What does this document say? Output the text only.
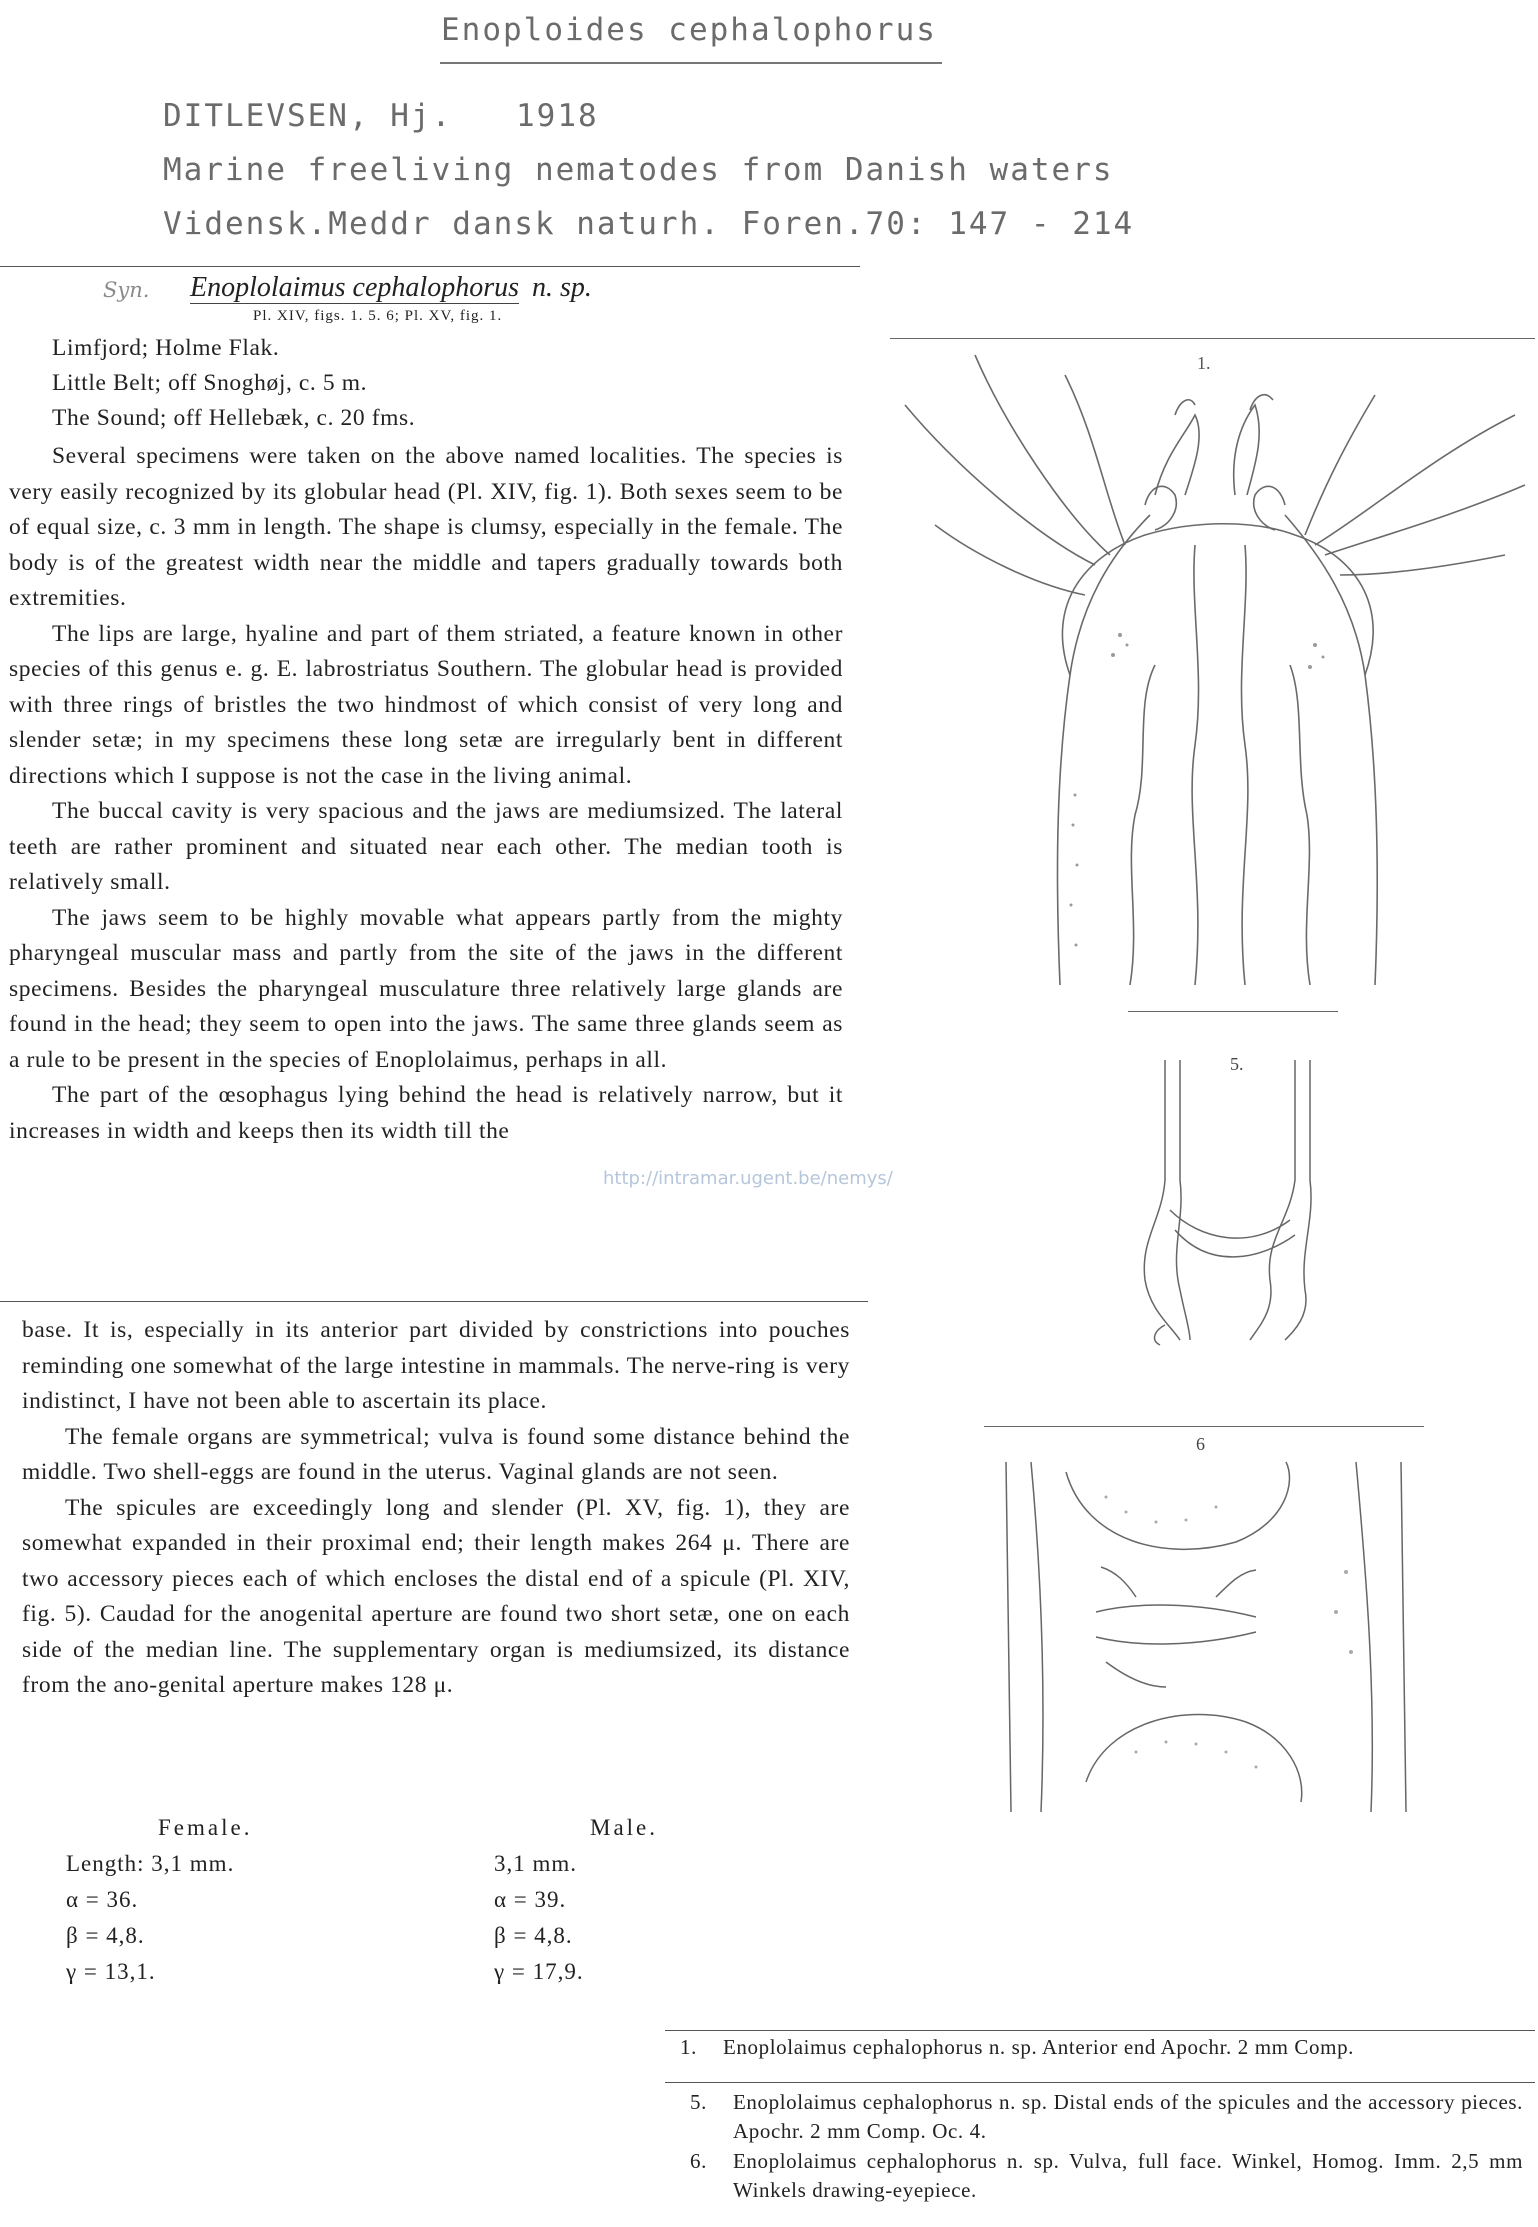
Enoploides cephalophorus
DITLEVSEN, Hj. 1918
Marine freeliving nematodes from Danish waters
Vidensk.Meddr dansk naturh. Foren.70: 147 - 214
Syn. Enoplolaimus cephalophorus n. sp.
Pl. XIV, figs. 1. 5. 6; Pl. XV, fig. 1.
Limfjord; Holme Flak.
Little Belt; off Snoghøj, c. 5 m.
The Sound; off Hellebæk, c. 20 fms.

Several specimens were taken on the above named localities. The species is very easily recognized by its globular head (Pl. XIV, fig. 1). Both sexes seem to be of equal size, c. 3 mm in length. The shape is clumsy, especially in the female. The body is of the greatest width near the middle and tapers gradually towards both extremities.

The lips are large, hyaline and part of them striated, a feature known in other species of this genus e. g. E. labrostriatus Southern. The globular head is provided with three rings of bristles the two hindmost of which consist of very long and slender setæ; in my specimens these long setæ are irregularly bent in different directions which I suppose is not the case in the living animal.

The buccal cavity is very spacious and the jaws are mediumsized. The lateral teeth are rather prominent and situated near each other. The median tooth is relatively small.

The jaws seem to be highly movable what appears partly from the mighty pharyngeal muscular mass and partly from the site of the jaws in the different specimens. Besides the pharyngeal musculature three relatively large glands are found in the head; they seem to open into the jaws. The same three glands seem as a rule to be present in the species of Enoplolaimus, perhaps in all.

The part of the œsophagus lying behind the head is relatively narrow, but it increases in width and keeps then its width till the

base. It is, especially in its anterior part divided by constrictions into pouches reminding one somewhat of the large intestine in mammals. The nerve-ring is very indistinct, I have not been able to ascertain its place.

The female organs are symmetrical; vulva is found some distance behind the middle. Two shell-eggs are found in the uterus. Vaginal glands are not seen.

The spicules are exceedingly long and slender (Pl. XV, fig. 1), they are somewhat expanded in their proximal end; their length makes 264 μ. There are two accessory pieces each of which encloses the distal end of a spicule (Pl. XIV, fig. 5). Caudad for the anogenital aperture are found two short setæ, one on each side of the median line. The supplementary organ is mediumsized, its distance from the ano-genital aperture makes 128 μ.

Female.	Male.
Length: 3,1 mm.
α = 36.
β = 4,8.
γ = 13,1.
3,1 mm.
α = 39.
β = 4,8.
γ = 17,9.
http://intramar.ugent.be/nemys/
1.
5.
6
1. Enoplolaimus cephalophorus n. sp. Anterior end Apochr. 2 mm Comp.
5. Enoplolaimus cephalophorus n. sp. Distal ends of the spicules and the accessory pieces. Apochr. 2 mm Comp. Oc. 4.
6. Enoplolaimus cephalophorus n. sp. Vulva, full face. Winkel, Homog. Imm. 2,5 mm Winkels drawing-eyepiece.
